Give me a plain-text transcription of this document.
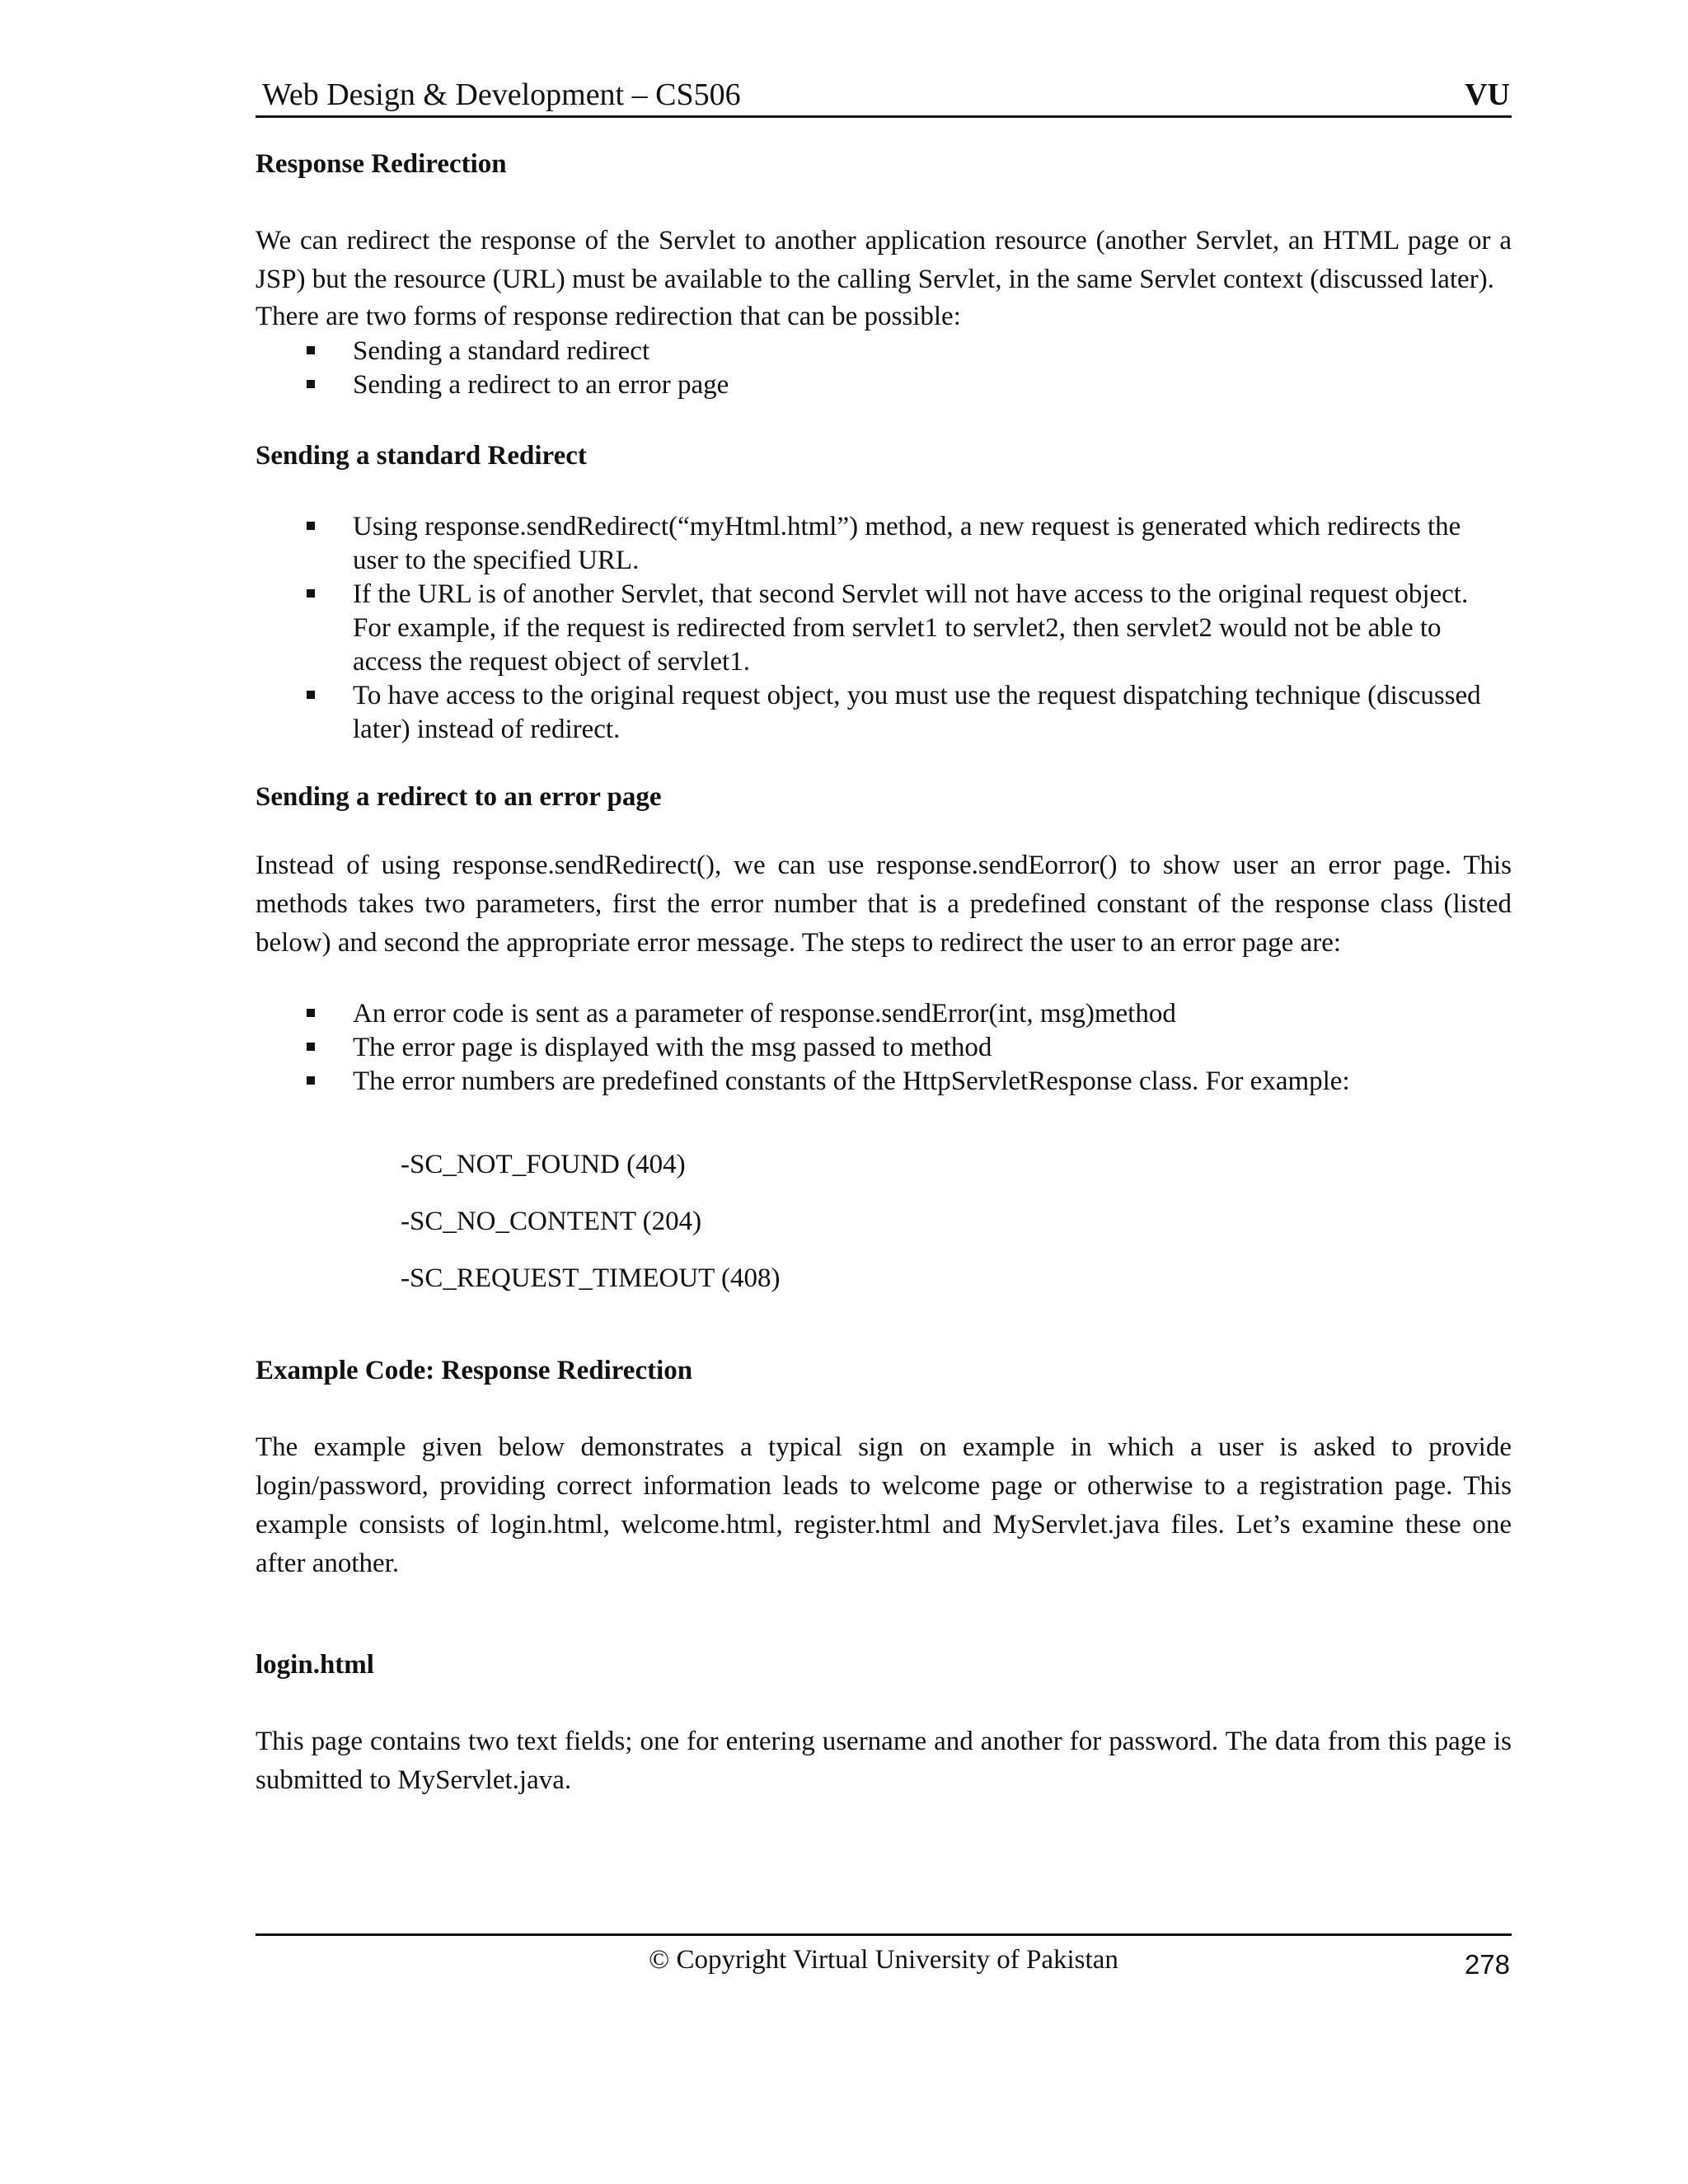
Web Design & Development – CS506	VU
Response Redirection

We can redirect the response of the Servlet to another application resource (another Servlet, an HTML page or a JSP) but the resource (URL) must be available to the calling Servlet, in the same Servlet context (discussed later).

There are two forms of response redirection that can be possible:

Sending a standard redirect
Sending a redirect to an error page
Sending a standard Redirect
Using response.sendRedirect(“myHtml.html”) method, a new request is generated which redirects the user to the specified URL.
If the URL is of another Servlet, that second Servlet will not have access to the original request object. For example, if the request is redirected from servlet1 to servlet2, then servlet2 would not be able to access the request object of servlet1.
To have access to the original request object, you must use the request dispatching technique (discussed later) instead of redirect.
Sending a redirect to an error page

Instead of using response.sendRedirect(), we can use response.sendEorror() to show user an error page. This methods takes two parameters, first the error number that is a predefined constant of the response class (listed below) and second the appropriate error message. The steps to redirect the user to an error page are:

An error code is sent as a parameter of response.sendError(int, msg)method
The error page is displayed with the msg passed to method
The error numbers are predefined constants of the HttpServletResponse class. For example:
-SC_NOT_FOUND (404)
-SC_NO_CONTENT (204)
-SC_REQUEST_TIMEOUT (408)
Example Code: Response Redirection

The example given below demonstrates a typical sign on example in which a user is asked to provide login/password, providing correct information leads to welcome page or otherwise to a registration page. This example consists of login.html, welcome.html, register.html and MyServlet.java files. Let’s examine these one after another.

login.html

This page contains two text fields; one for entering username and another for password. The data from this page is submitted to MyServlet.java.

© Copyright Virtual University of Pakistan	278
